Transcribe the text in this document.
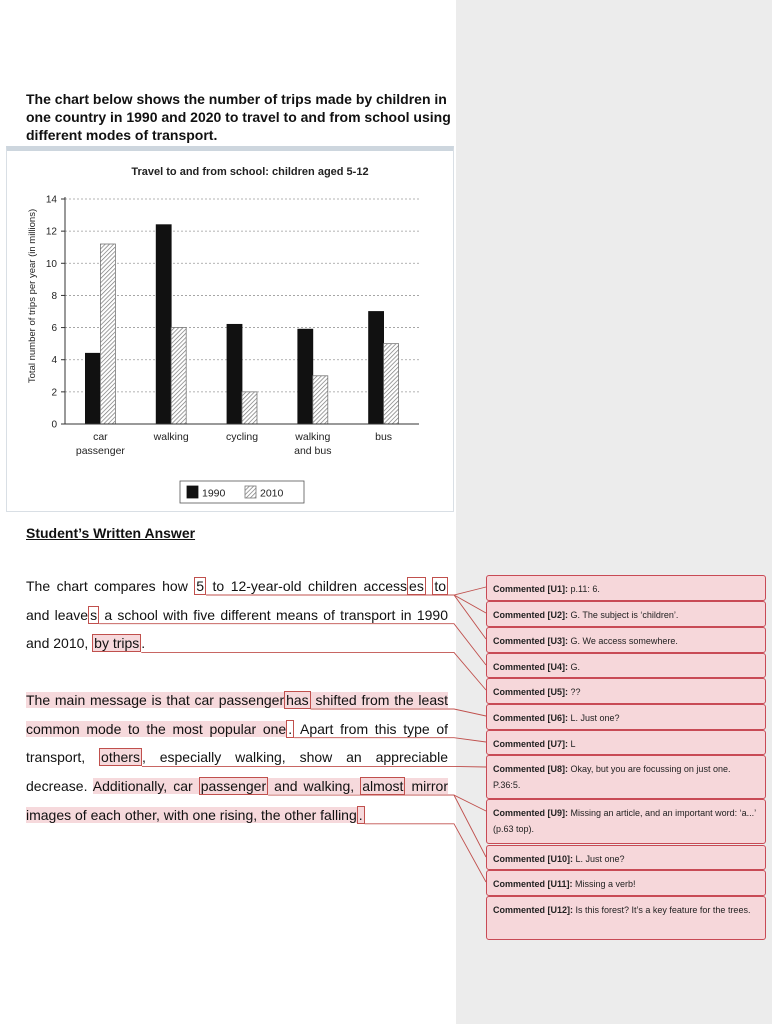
The chart below shows the number of trips made by children in one country in 1990 and 2020 to travel to and from school using different modes of transport.

Travel to and from school: children aged 5-12
Total number of trips per year (in millions)
0
2
4
6
8
10
12
14
car passenger
walking	cycling	walking and bus
bus
1990	2010

Student’s Written Answer

The chart compares how 5 to 12-year-old children access es to and leave s a school with five different means of transport in 1990 and 2010, by trips .

The main message is that car passenger has shifted from the least common mode to the most popular one . Apart from this type of transport, others , especially walking, show an appreciable decrease. Additionally, car passenger and walking, almost mirror images of each other, with one rising, the other falling .

Commented [U1]: p.11: 6.
Commented [U2]: G. The subject is ‘children’.
Commented [U3]: G. We access somewhere.
Commented [U4]: G.
Commented [U5]: ??
Commented [U6]: L. Just one?
Commented [U7]: L
Commented [U8]: Okay, but you are focussing on just one. P.36:5.
Commented [U9]: Missing an article, and an important word: ‘a...’ (p.63 top).
Commented [U10]: L. Just one?
Commented [U11]: Missing a verb!
Commented [U12]: Is this forest? It’s a key feature for the trees.
